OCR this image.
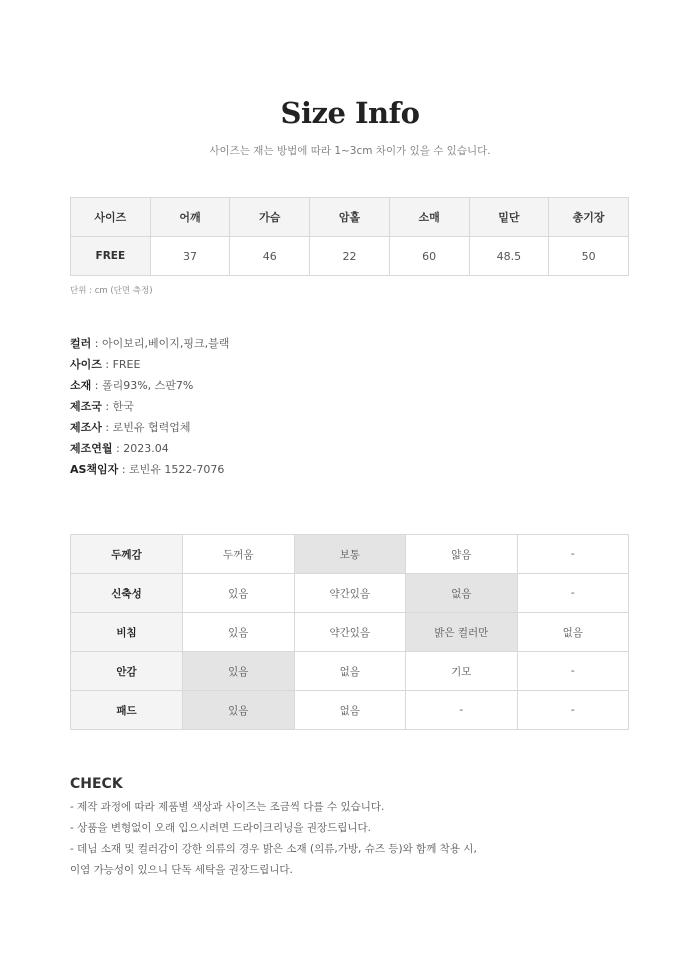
Size Info
사이즈는 재는 방법에 따라 1~3cm 차이가 있을 수 있습니다.
사이즈	어깨	가슴	암홀	소매	밑단	총기장
FREE	37	46	22	60	48.5	50
단위 : cm (단면 측정)
컬러 : 아이보리,베이지,핑크,블랙
사이즈 : FREE
소재 : 폴리93%, 스판7%
제조국 : 한국
제조사 : 로빈유 협력업체
제조연월 : 2023.04
AS책임자 : 로빈유 1522-7076
두께감	두꺼움	보통	얇음	-
신축성	있음	약간있음	없음	-
비침	있음	약간있음	밝은 컬러만	없음
안감	있음	없음	기모	-
패드	있음	없음	-	-
CHECK
- 제작 과정에 따라 제품별 색상과 사이즈는 조금씩 다를 수 있습니다.
- 상품을 변형없이 오래 입으시려면 드라이크리닝을 권장드립니다.
- 데님 소재 및 컬러감이 강한 의류의 경우 밝은 소재 (의류,가방, 슈즈 등)와 함께 착용 시,
이염 가능성이 있으니 단독 세탁을 권장드립니다.
